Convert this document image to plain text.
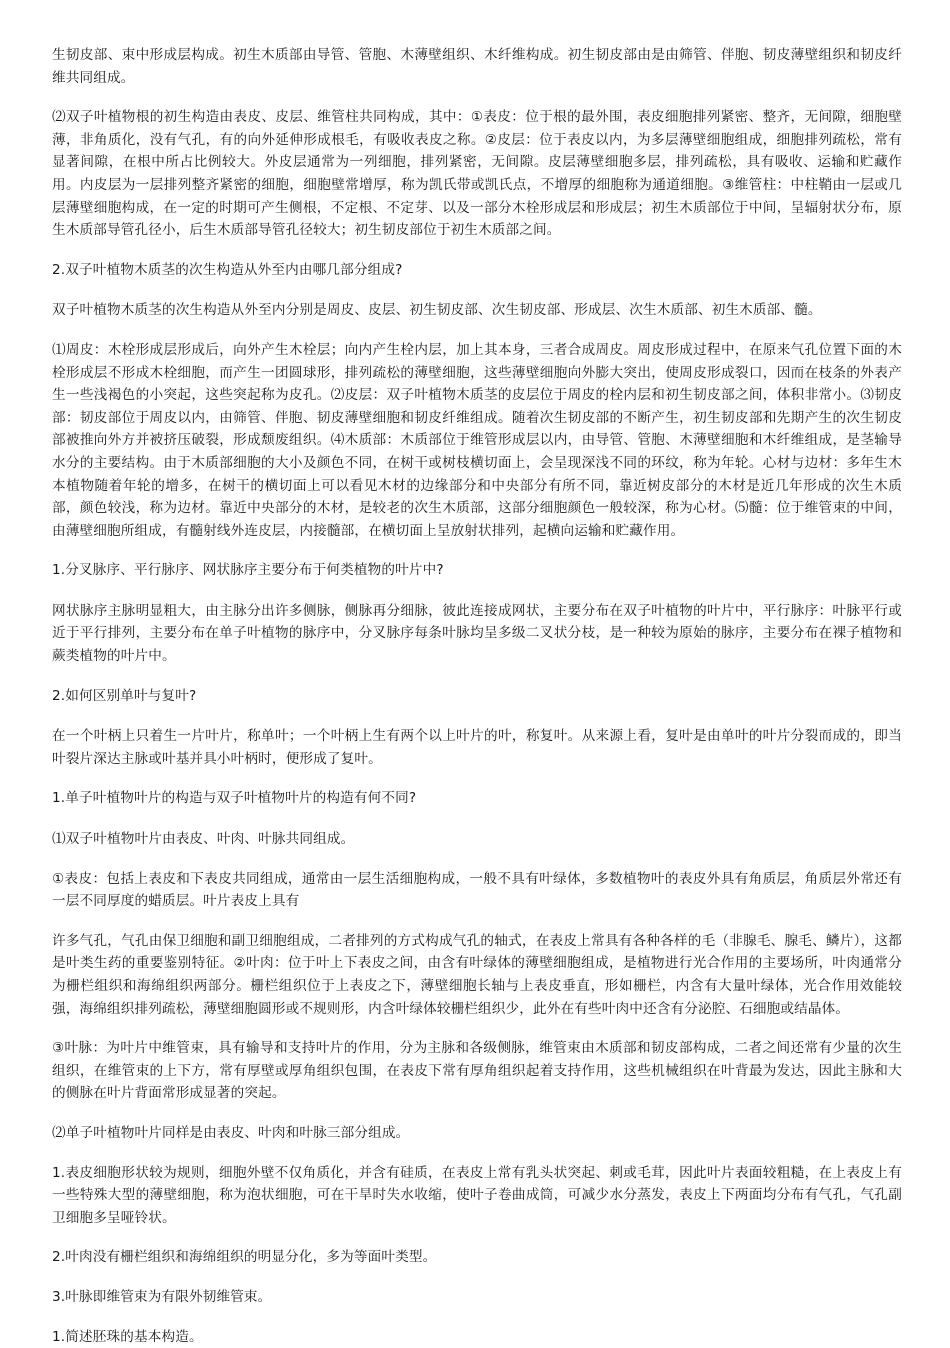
生韧皮部、束中形成层构成。初生木质部由导管、管胞、木薄壁组织、木纤维构成。初生韧皮部由是由筛管、伴胞、韧皮薄壁组织和韧皮纤维共同组成。

⑵双子叶植物根的初生构造由表皮、皮层、维管柱共同构成，其中：①表皮：位于根的最外围，表皮细胞排列紧密、整齐，无间隙，细胞壁薄，非角质化，没有气孔，有的向外延伸形成根毛，有吸收表皮之称。②皮层：位于表皮以内，为多层薄壁细胞组成，细胞排列疏松，常有显著间隙，在根中所占比例较大。外皮层通常为一列细胞，排列紧密，无间隙。皮层薄壁细胞多层，排列疏松，具有吸收、运输和贮藏作用。内皮层为一层排列整齐紧密的细胞，细胞壁常增厚，称为凯氏带或凯氏点，不增厚的细胞称为通道细胞。③维管柱：中柱鞘由一层或几层薄壁细胞构成，在一定的时期可产生侧根，不定根、不定芽、以及一部分木栓形成层和形成层；初生木质部位于中间，呈辐射状分布，原生木质部导管孔径小，后生木质部导管孔径较大；初生韧皮部位于初生木质部之间。

2.双子叶植物木质茎的次生构造从外至内由哪几部分组成?

双子叶植物木质茎的次生构造从外至内分别是周皮、皮层、初生韧皮部、次生韧皮部、形成层、次生木质部、初生木质部、髓。

⑴周皮：木栓形成层形成后，向外产生木栓层；向内产生栓内层，加上其本身，三者合成周皮。周皮形成过程中，在原来气孔位置下面的木栓形成层不形成木栓细胞，而产生一团圆球形，排列疏松的薄壁细胞，这些薄壁细胞向外膨大突出，使周皮形成裂口，因而在枝条的外表产生一些浅褐色的小突起，这些突起称为皮孔。⑵皮层：双子叶植物木质茎的皮层位于周皮的栓内层和初生韧皮部之间，体积非常小。⑶韧皮部：韧皮部位于周皮以内，由筛管、伴胞、韧皮薄壁细胞和韧皮纤维组成。随着次生韧皮部的不断产生，初生韧皮部和先期产生的次生韧皮部被推向外方并被挤压破裂，形成颓废组织。⑷木质部：木质部位于维管形成层以内，由导管、管胞、木薄壁细胞和木纤维组成，是茎输导水分的主要结构。由于木质部细胞的大小及颜色不同，在树干或树枝横切面上，会呈现深浅不同的环纹，称为年轮。心材与边材：多年生木本植物随着年轮的增多，在树干的横切面上可以看见木材的边缘部分和中央部分有所不同，靠近树皮部分的木材是近几年形成的次生木质部，颜色较浅，称为边材。靠近中央部分的木材，是较老的次生木质部，这部分细胞颜色一般较深，称为心材。⑸髓：位于维管束的中间，由薄壁细胞所组成，有髓射线外连皮层，内接髓部，在横切面上呈放射状排列，起横向运输和贮藏作用。

1.分叉脉序、平行脉序、网状脉序主要分布于何类植物的叶片中?

网状脉序主脉明显粗大，由主脉分出许多侧脉，侧脉再分细脉，彼此连接成网状，主要分布在双子叶植物的叶片中，平行脉序：叶脉平行或近于平行排列，主要分布在单子叶植物的脉序中，分叉脉序每条叶脉均呈多级二叉状分枝，是一种较为原始的脉序，主要分布在裸子植物和蕨类植物的叶片中。

2.如何区别单叶与复叶?

在一个叶柄上只着生一片叶片，称单叶；一个叶柄上生有两个以上叶片的叶，称复叶。从来源上看，复叶是由单叶的叶片分裂而成的，即当叶裂片深达主脉或叶基并具小叶柄时，便形成了复叶。

1.单子叶植物叶片的构造与双子叶植物叶片的构造有何不同?

⑴双子叶植物叶片由表皮、叶肉、叶脉共同组成。

①表皮：包括上表皮和下表皮共同组成，通常由一层生活细胞构成，一般不具有叶绿体，多数植物叶的表皮外具有角质层，角质层外常还有一层不同厚度的蜡质层。叶片表皮上具有

许多气孔，气孔由保卫细胞和副卫细胞组成，二者排列的方式构成气孔的轴式，在表皮上常具有各种各样的毛（非腺毛、腺毛、鳞片），这都是叶类生药的重要鉴别特征。②叶肉：位于叶上下表皮之间，由含有叶绿体的薄壁细胞组成，是植物进行光合作用的主要场所，叶肉通常分为栅栏组织和海绵组织两部分。栅栏组织位于上表皮之下，薄壁细胞长轴与上表皮垂直，形如栅栏，内含有大量叶绿体，光合作用效能较强，海绵组织排列疏松，薄壁细胞圆形或不规则形，内含叶绿体较栅栏组织少，此外在有些叶肉中还含有分泌腔、石细胞或结晶体。

③叶脉：为叶片中维管束，具有输导和支持叶片的作用，分为主脉和各级侧脉，维管束由木质部和韧皮部构成，二者之间还常有少量的次生组织，在维管束的上下方，常有厚壁或厚角组织包围，在表皮下常有厚角组织起着支持作用，这些机械组织在叶背最为发达，因此主脉和大的侧脉在叶片背面常形成显著的突起。

⑵单子叶植物叶片同样是由表皮、叶肉和叶脉三部分组成。

1.表皮细胞形状较为规则，细胞外壁不仅角质化，并含有硅质，在表皮上常有乳头状突起、刺或毛茸，因此叶片表面较粗糙，在上表皮上有一些特殊大型的薄壁细胞，称为泡状细胞，可在干旱时失水收缩，使叶子卷曲成筒，可减少水分蒸发，表皮上下两面均分布有气孔，气孔副卫细胞多呈哑铃状。

2.叶肉没有栅栏组织和海绵组织的明显分化，多为等面叶类型。

3.叶脉即维管束为有限外韧维管束。

1.简述胚珠的基本构造。
